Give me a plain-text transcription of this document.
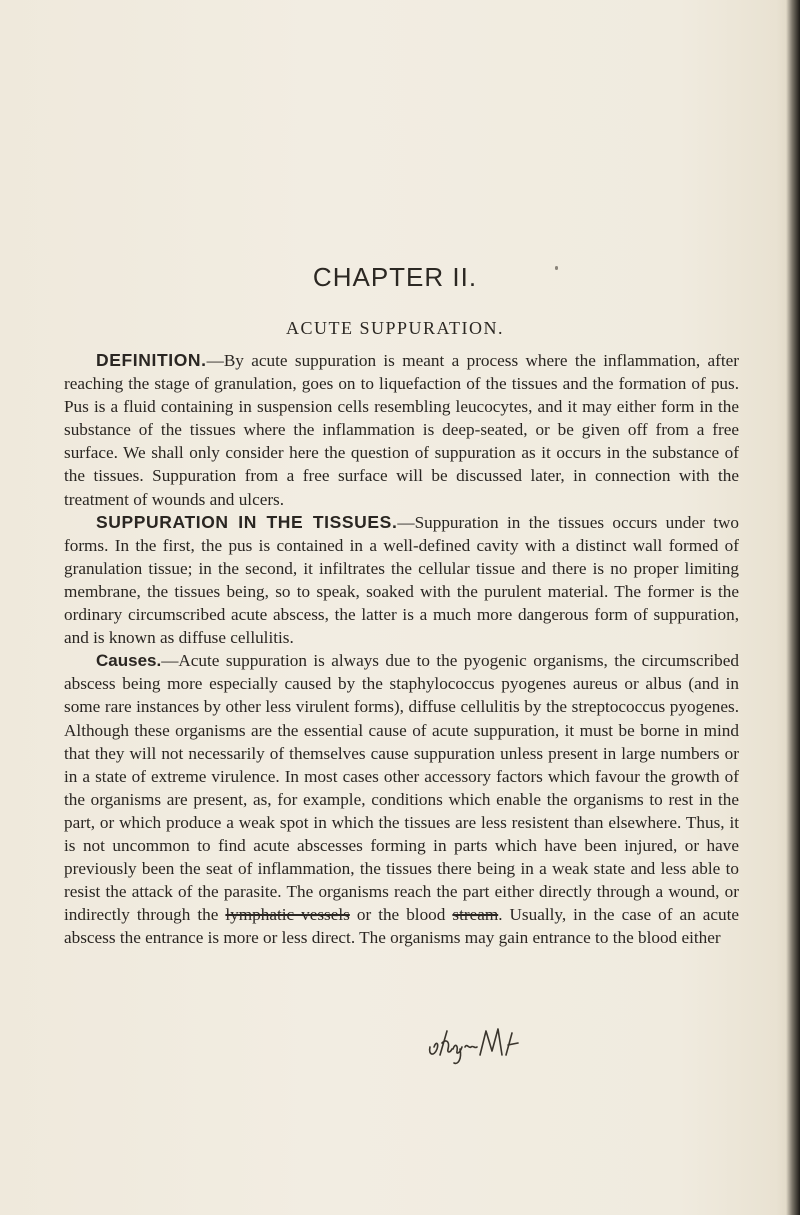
CHAPTER II.
ACUTE SUPPURATION.

DEFINITION.—By acute suppuration is meant a process where the inflammation, after reaching the stage of granulation, goes on to liquefaction of the tissues and the formation of pus. Pus is a fluid containing in suspension cells resembling leucocytes, and it may either form in the substance of the tissues where the inflammation is deep-seated, or be given off from a free surface. We shall only consider here the question of suppuration as it occurs in the substance of the tissues. Suppuration from a free surface will be discussed later, in connection with the treatment of wounds and ulcers.

SUPPURATION IN THE TISSUES.—Suppuration in the tissues occurs under two forms. In the first, the pus is contained in a well-defined cavity with a distinct wall formed of granulation tissue; in the second, it infiltrates the cellular tissue and there is no proper limiting membrane, the tissues being, so to speak, soaked with the purulent material. The former is the ordinary circumscribed acute abscess, the latter is a much more dangerous form of suppuration, and is known as diffuse cellulitis.

Causes.—Acute suppuration is always due to the pyogenic organisms, the circumscribed abscess being more especially caused by the staphylococcus pyogenes aureus or albus (and in some rare instances by other less virulent forms), diffuse cellulitis by the streptococcus pyogenes. Although these organisms are the essential cause of acute suppuration, it must be borne in mind that they will not necessarily of themselves cause suppuration unless present in large numbers or in a state of extreme virulence. In most cases other accessory factors which favour the growth of the organisms are present, as, for example, conditions which enable the organisms to rest in the part, or which produce a weak spot in which the tissues are less resistent than elsewhere. Thus, it is not uncommon to find acute abscesses forming in parts which have been injured, or have previously been the seat of inflammation, the tissues there being in a weak state and less able to resist the attack of the parasite. The organisms reach the part either directly through a wound, or indirectly through the lymphatic vessels or the blood stream. Usually, in the case of an acute abscess the entrance is more or less direct. The organisms may gain entrance to the blood either
